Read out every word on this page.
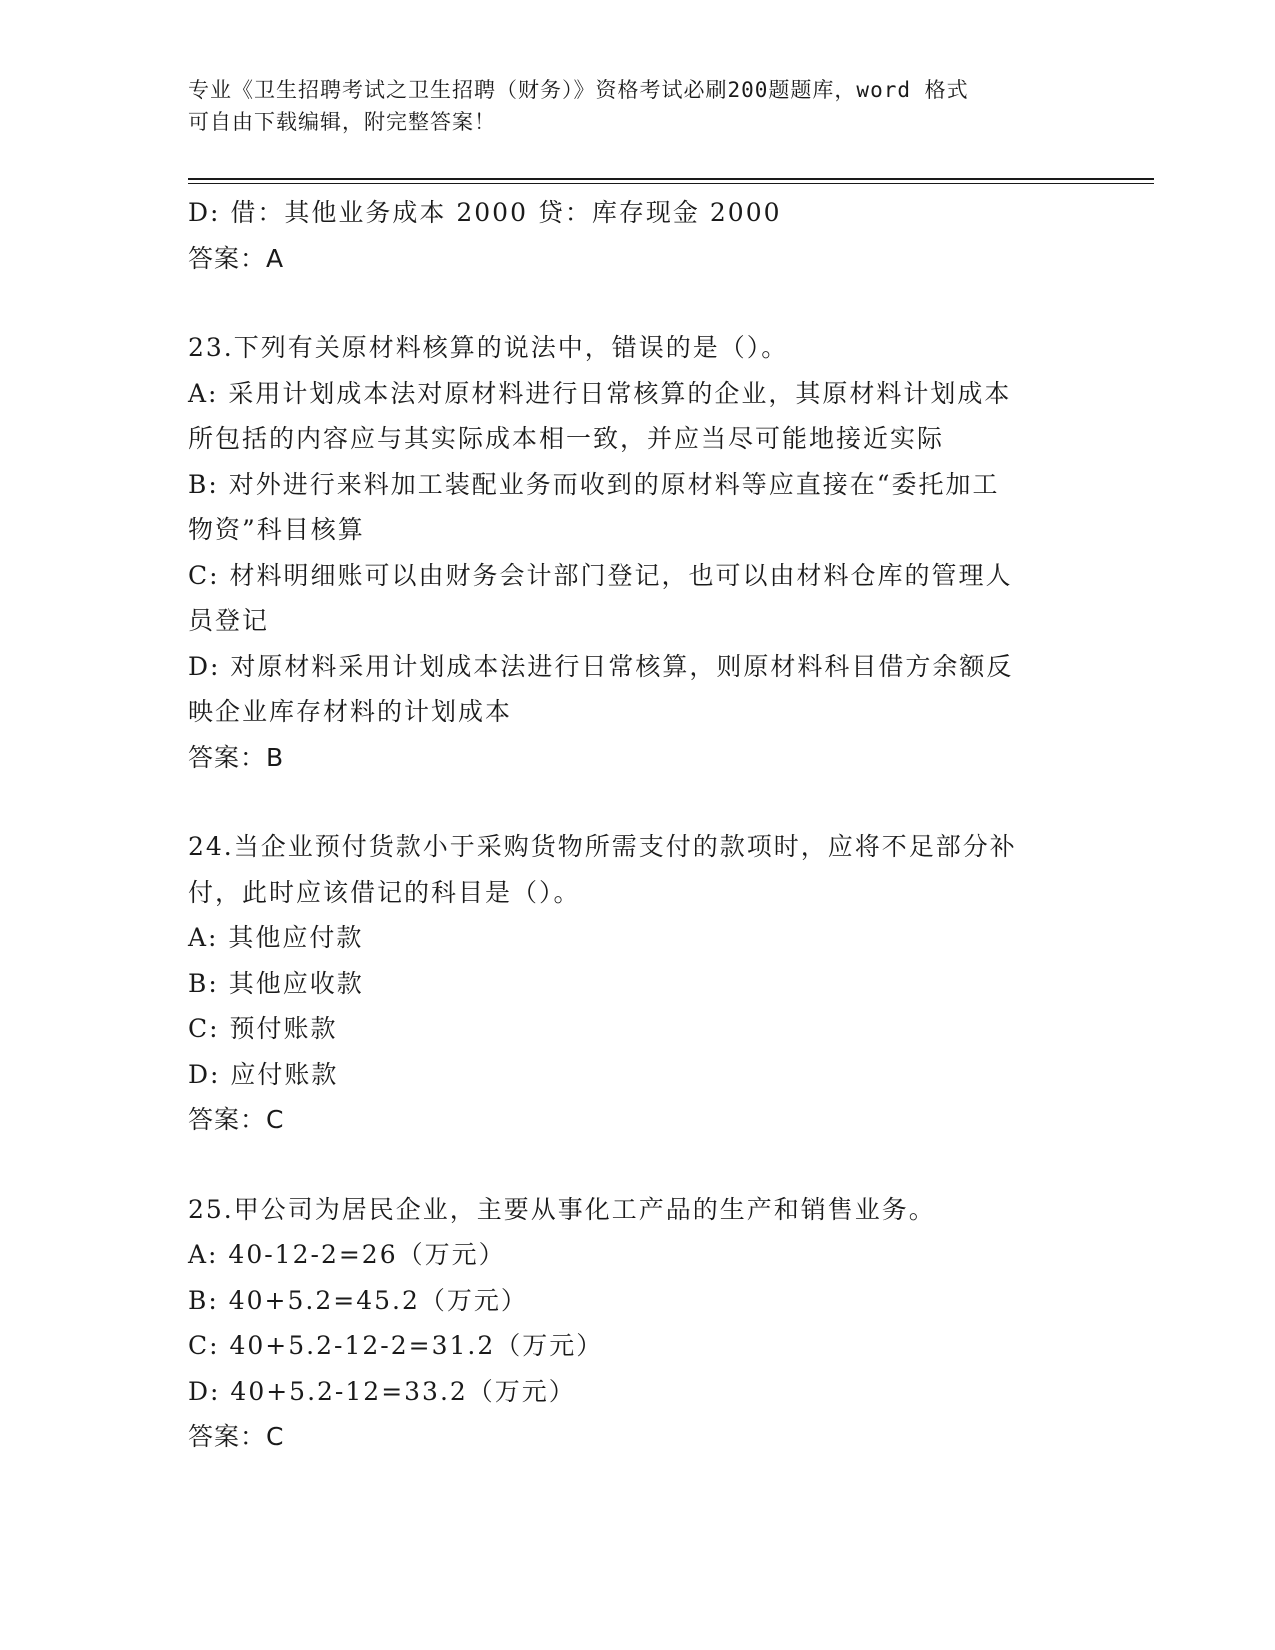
专业《卫生招聘考试之卫生招聘（财务）》资格考试必刷200题题库，word 格式
可自由下载编辑，附完整答案！
D: 借：其他业务成本 2000 贷：库存现金 2000
答案：A
23.下列有关原材料核算的说法中，错误的是（）。
A: 采用计划成本法对原材料进行日常核算的企业，其原材料计划成本
所包括的内容应与其实际成本相一致，并应当尽可能地接近实际
B: 对外进行来料加工装配业务而收到的原材料等应直接在“委托加工
物资”科目核算
C: 材料明细账可以由财务会计部门登记，也可以由材料仓库的管理人
员登记
D: 对原材料采用计划成本法进行日常核算，则原材料科目借方余额反
映企业库存材料的计划成本
答案：B
24.当企业预付货款小于采购货物所需支付的款项时，应将不足部分补
付，此时应该借记的科目是（）。
A: 其他应付款
B: 其他应收款
C: 预付账款
D: 应付账款
答案：C
25.甲公司为居民企业，主要从事化工产品的生产和销售业务。
A: 40-12-2=26（万元）
B: 40+5.2=45.2（万元）
C: 40+5.2-12-2=31.2（万元）
D: 40+5.2-12=33.2（万元）
答案：C
